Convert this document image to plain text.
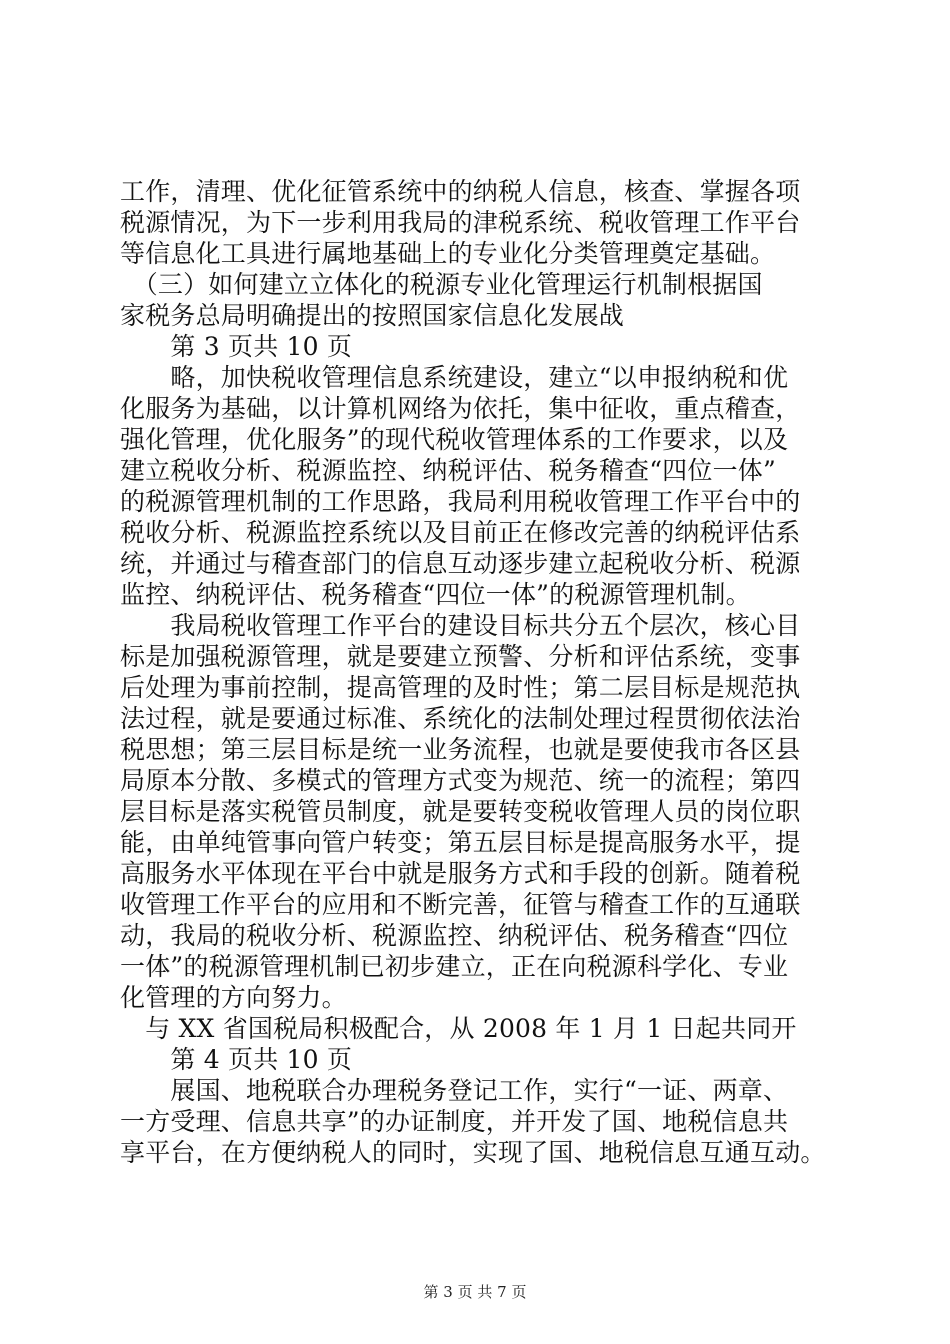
工作，清理、优化征管系统中的纳税人信息，核查、掌握各项
税源情况，为下一步利用我局的津税系统、税收管理工作平台
等信息化工具进行属地基础上的专业化分类管理奠定基础。
　（三）如何建立立体化的税源专业化管理运行机制根据国
家税务总局明确提出的按照国家信息化发展战
　　第 3 页共 10 页
　　略，加快税收管理信息系统建设，建立“以申报纳税和优
化服务为基础，以计算机网络为依托，集中征收，重点稽查，
强化管理，优化服务”的现代税收管理体系的工作要求，以及
建立税收分析、税源监控、纳税评估、税务稽查“四位一体”
的税源管理机制的工作思路，我局利用税收管理工作平台中的
税收分析、税源监控系统以及目前正在修改完善的纳税评估系
统，并通过与稽查部门的信息互动逐步建立起税收分析、税源
监控、纳税评估、税务稽查“四位一体”的税源管理机制。
　　我局税收管理工作平台的建设目标共分五个层次，核心目
标是加强税源管理，就是要建立预警、分析和评估系统，变事
后处理为事前控制，提高管理的及时性；第二层目标是规范执
法过程，就是要通过标准、系统化的法制处理过程贯彻依法治
税思想；第三层目标是统一业务流程，也就是要使我市各区县
局原本分散、多模式的管理方式变为规范、统一的流程；第四
层目标是落实税管员制度，就是要转变税收管理人员的岗位职
能，由单纯管事向管户转变；第五层目标是提高服务水平，提
高服务水平体现在平台中就是服务方式和手段的创新。随着税
收管理工作平台的应用和不断完善，征管与稽查工作的互通联
动，我局的税收分析、税源监控、纳税评估、税务稽查“四位
一体”的税源管理机制已初步建立，正在向税源科学化、专业
化管理的方向努力。
　与 XX 省国税局积极配合，从 2008 年 1 月 1 日起共同开
　　第 4 页共 10 页
　　展国、地税联合办理税务登记工作，实行“一证、两章、
一方受理、信息共享”的办证制度，并开发了国、地税信息共
享平台，在方便纳税人的同时，实现了国、地税信息互通互动。
第 3 页 共 7 页
